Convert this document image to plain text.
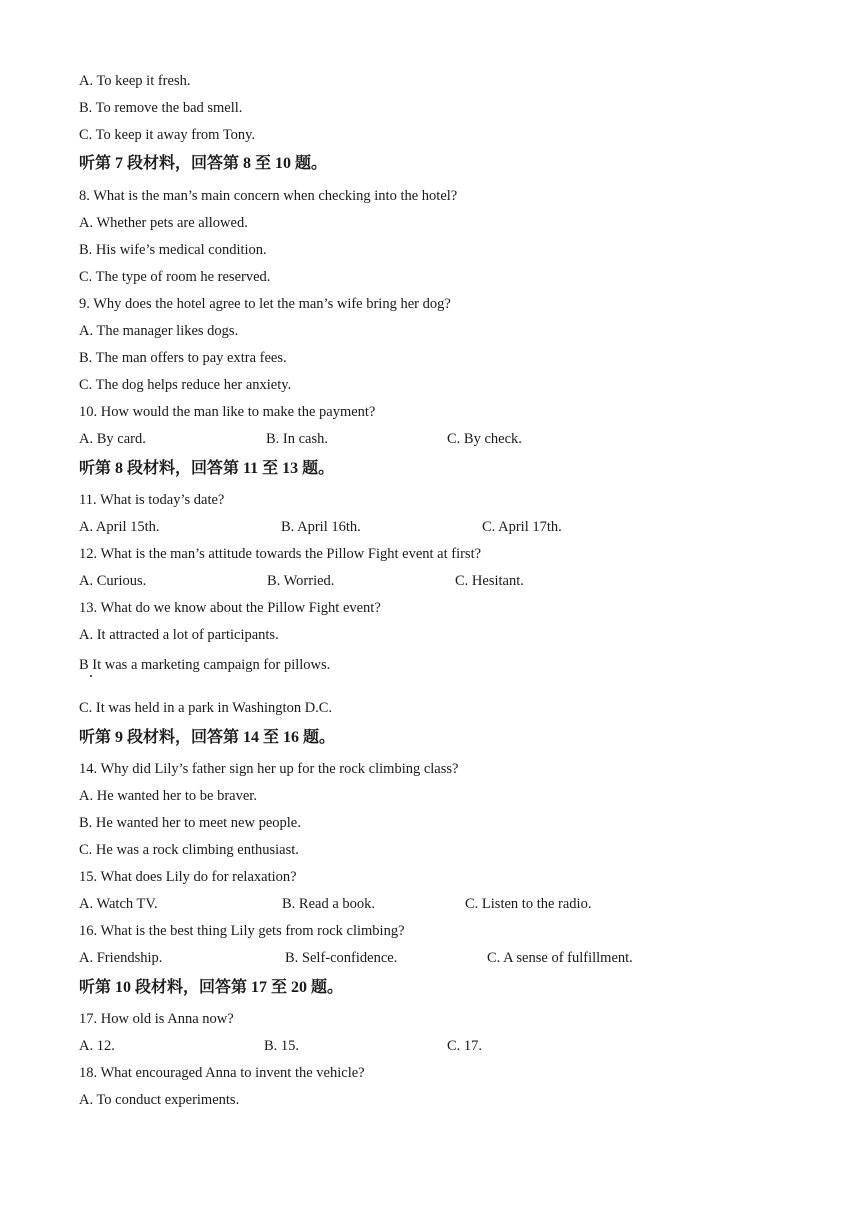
A. To keep it fresh.
B. To remove the bad smell.
C. To keep it away from Tony.
听第 7 段材料，回答第 8 至 10 题。
8. What is the man’s main concern when checking into the hotel?
A. Whether pets are allowed.
B. His wife’s medical condition.
C. The type of room he reserved.
9. Why does the hotel agree to let the man’s wife bring her dog?
A. The manager likes dogs.
B. The man offers to pay extra fees.
C. The dog helps reduce her anxiety.
10. How would the man like to make the payment?
A. By card.	B. In cash.	C. By check.
听第 8 段材料，回答第 11 至 13 题。
11. What is today’s date?
A. April 15th.	B. April 16th.	C. April 17th.
12. What is the man’s attitude towards the Pillow Fight event at first?
A. Curious.	B. Worried.	C. Hesitant.
13. What do we know about the Pillow Fight event?
A. It attracted a lot of participants.
B It was a marketing campaign for pillows.
C. It was held in a park in Washington D.C.
听第 9 段材料，回答第 14 至 16 题。
14. Why did Lily’s father sign her up for the rock climbing class?
A. He wanted her to be braver.
B. He wanted her to meet new people.
C. He was a rock climbing enthusiast.
15. What does Lily do for relaxation?
A. Watch TV.	B. Read a book.	C. Listen to the radio.
16. What is the best thing Lily gets from rock climbing?
A. Friendship.	B. Self-confidence.	C. A sense of fulfillment.
听第 10 段材料，回答第 17 至 20 题。
17. How old is Anna now?
A. 12.	B. 15.	C. 17.
18. What encouraged Anna to invent the vehicle?
A. To conduct experiments.
